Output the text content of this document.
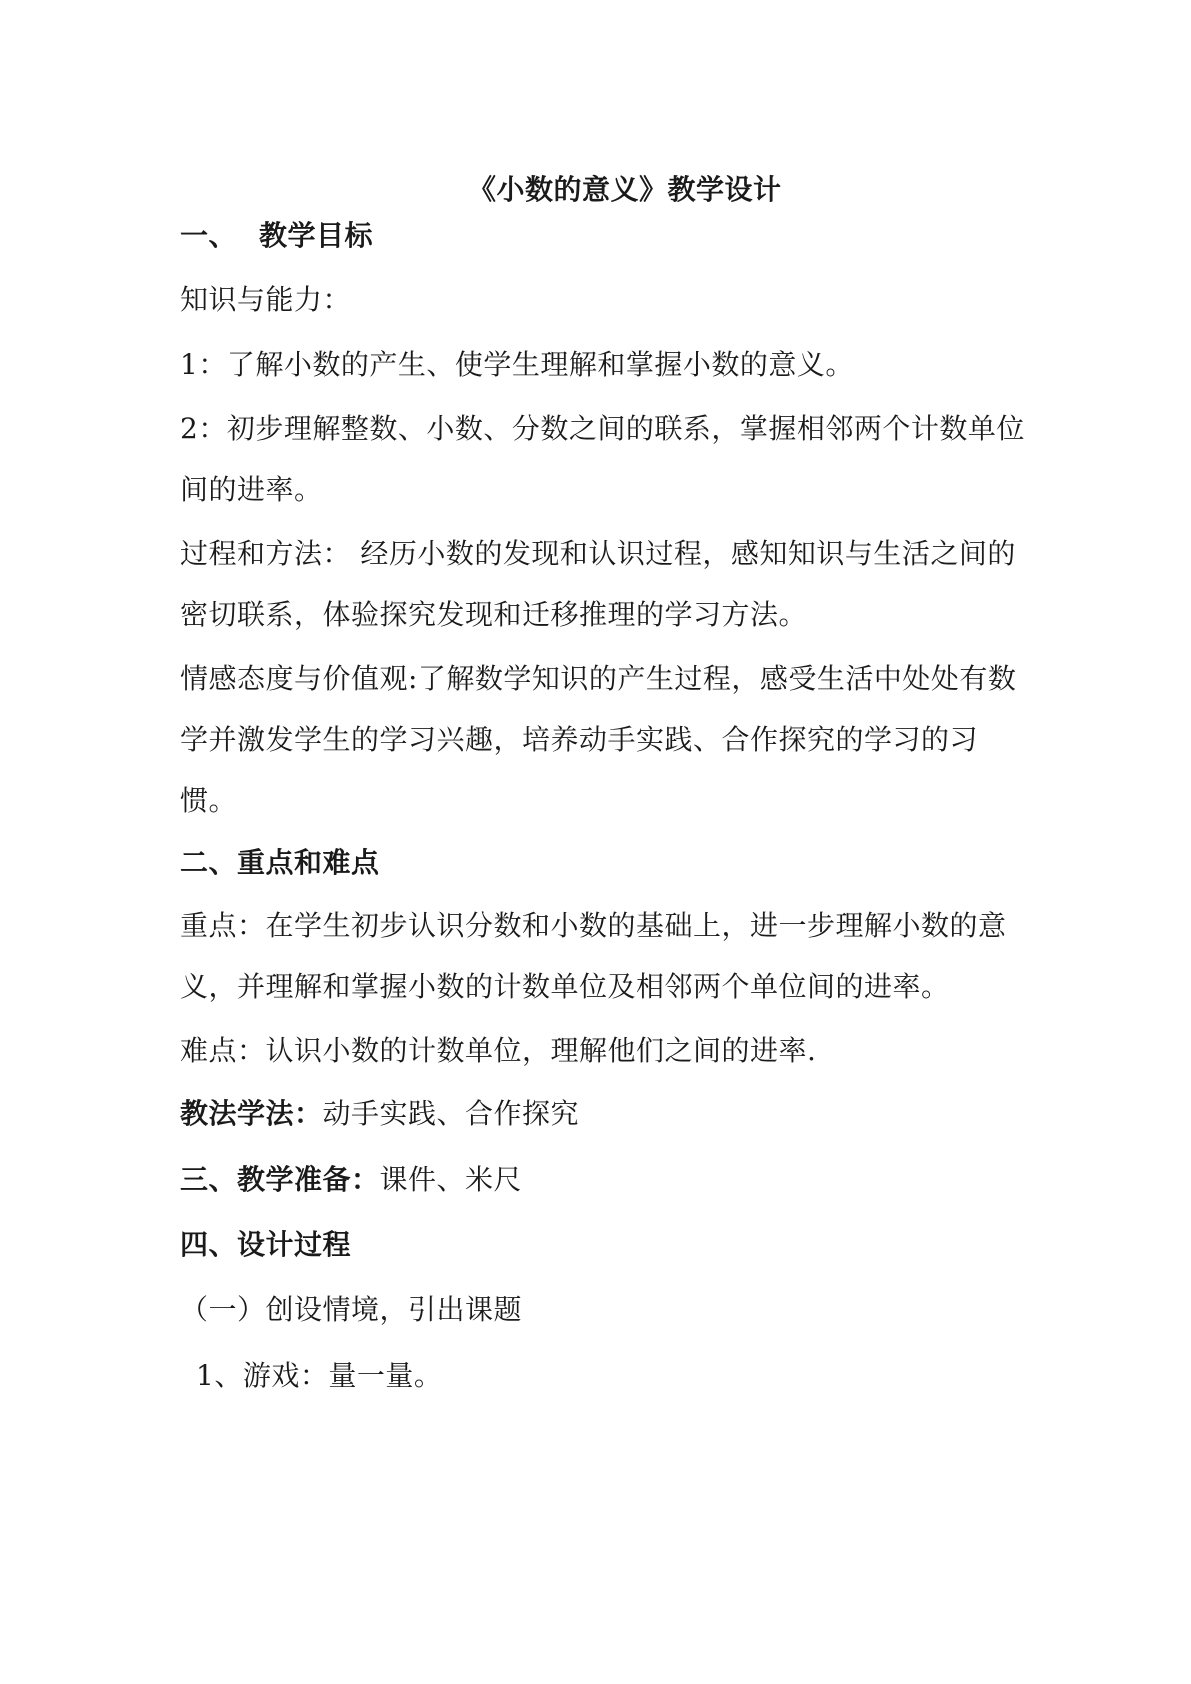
《小数的意义》教学设计
一、 教学目标
知识与能力：
1：了解小数的产生、使学生理解和掌握小数的意义。
2：初步理解整数、小数、分数之间的联系，掌握相邻两个计数单位
间的进率。
过程和方法： 经历小数的发现和认识过程，感知知识与生活之间的
密切联系，体验探究发现和迁移推理的学习方法。
情感态度与价值观:了解数学知识的产生过程，感受生活中处处有数
学并激发学生的学习兴趣，培养动手实践、合作探究的学习的习
惯。
二、重点和难点
重点：在学生初步认识分数和小数的基础上，进一步理解小数的意
义，并理解和掌握小数的计数单位及相邻两个单位间的进率。
难点：认识小数的计数单位，理解他们之间的进率.
教法学法：动手实践、合作探究
三、教学准备：课件、米尺
四、设计过程
（一）创设情境，引出课题
1、游戏：量一量。
